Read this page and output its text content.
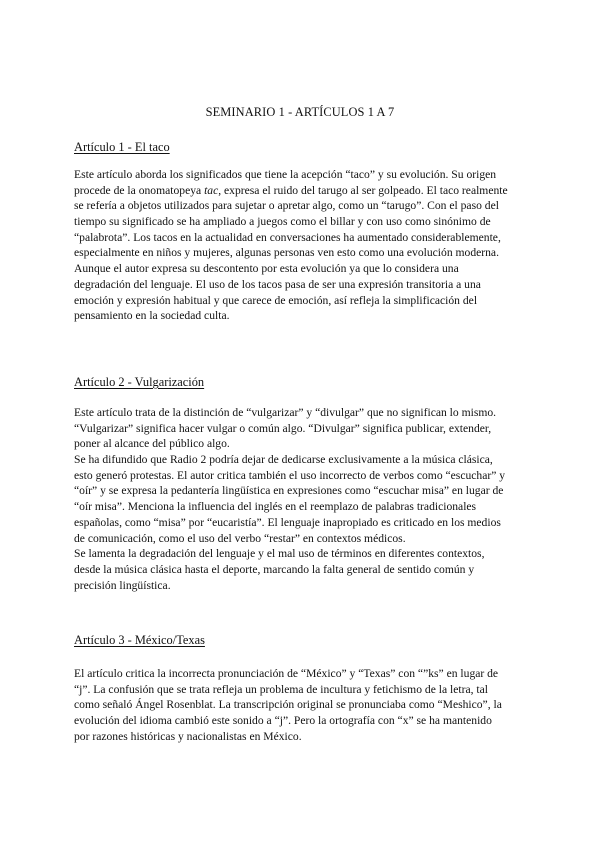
SEMINARIO 1 - ARTÍCULOS 1 A 7
Artículo 1 - El taco
Este artículo aborda los significados que tiene la acepción “taco” y su evolución. Su origen
procede de la onomatopeya tac, expresa el ruido del tarugo al ser golpeado. El taco realmente
se refería a objetos utilizados para sujetar o apretar algo, como un “tarugo”. Con el paso del
tiempo su significado se ha ampliado a juegos como el billar y con uso como sinónimo de
“palabrota”. Los tacos en la actualidad en conversaciones ha aumentado considerablemente,
especialmente en niños y mujeres, algunas personas ven esto como una evolución moderna.
Aunque el autor expresa su descontento por esta evolución ya que lo considera una
degradación del lenguaje. El uso de los tacos pasa de ser una expresión transitoria a una
emoción y expresión habitual y que carece de emoción, así refleja la simplificación del
pensamiento en la sociedad culta.
Artículo 2 - Vulgarización
Este artículo trata de la distinción de “vulgarizar” y “divulgar” que no significan lo mismo.
“Vulgarizar” significa hacer vulgar o común algo. “Divulgar” significa publicar, extender,
poner al alcance del público algo.
Se ha difundido que Radio 2 podría dejar de dedicarse exclusivamente a la música clásica,
esto generó protestas. El autor critica también el uso incorrecto de verbos como “escuchar” y
“oír” y se expresa la pedantería lingüística en expresiones como “escuchar misa” en lugar de
“oír misa”. Menciona la influencia del inglés en el reemplazo de palabras tradicionales
españolas, como “misa” por “eucaristía”. El lenguaje inapropiado es criticado en los medios
de comunicación, como el uso del verbo “restar” en contextos médicos.
Se lamenta la degradación del lenguaje y el mal uso de términos en diferentes contextos,
desde la música clásica hasta el deporte, marcando la falta general de sentido común y
precisión lingüística.
Artículo 3 - México/Texas
El artículo critica la incorrecta pronunciación de “México” y “Texas” con “”ks” en lugar de
“j”. La confusión que se trata refleja un problema de incultura y fetichismo de la letra, tal
como señaló Ángel Rosenblat. La transcripción original se pronunciaba como “Meshico”, la
evolución del idioma cambió este sonido a “j”. Pero la ortografía con “x” se ha mantenido
por razones históricas y nacionalistas en México.
